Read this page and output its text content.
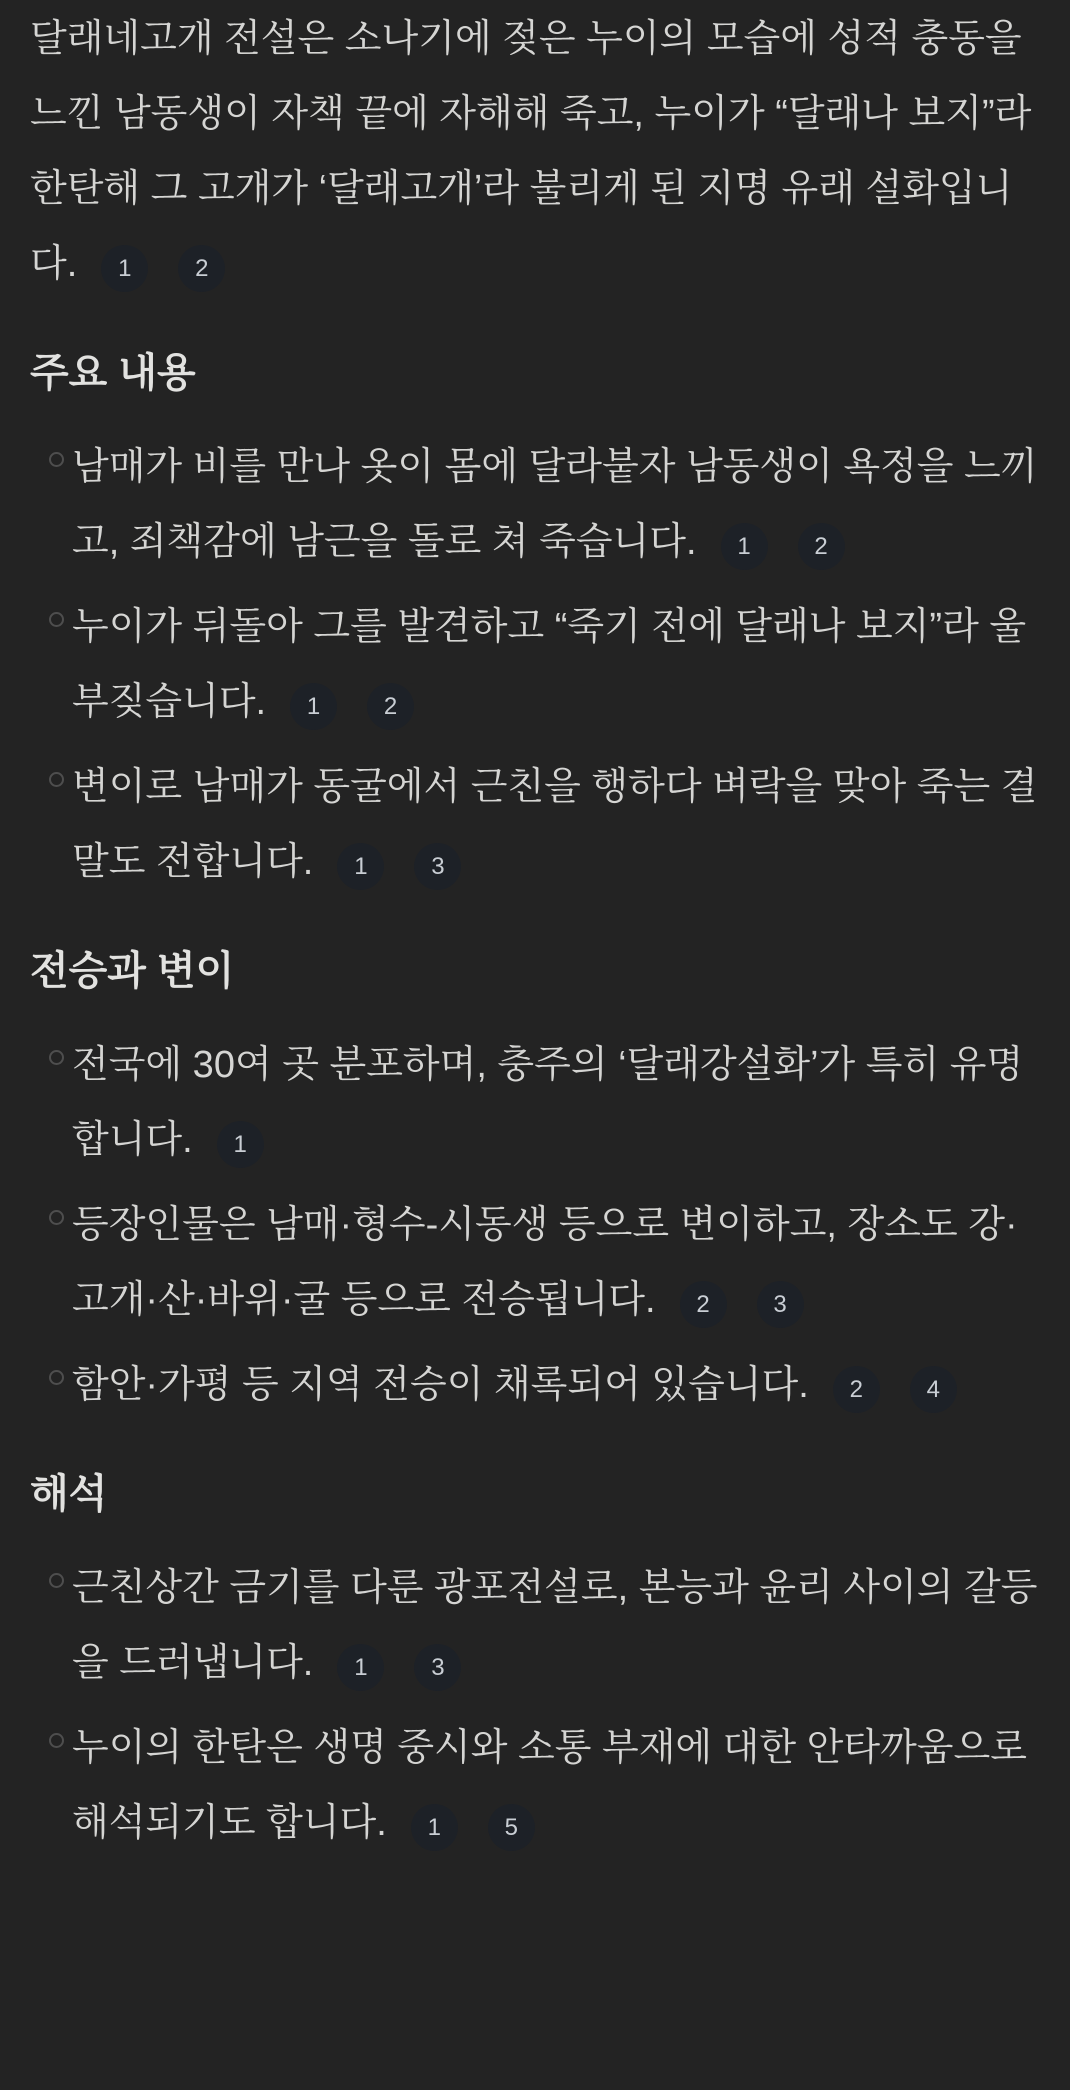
달래네고개 전설은 소나기에 젖은 누이의 모습에 성적 충동을 느낀 남동생이 자책 끝에 자해해 죽고, 누이가 “달래나 보지”라 한탄해 그 고개가 ‘달래고개’라 불리게 된 지명 유래 설화입니다. 1	2

주요 내용
남매가 비를 만나 옷이 몸에 달라붙자 남동생이 욕정을 느끼고, 죄책감에 남근을 돌로 쳐 죽습니다. 1	2
누이가 뒤돌아 그를 발견하고 “죽기 전에 달래나 보지”라 울부짖습니다. 1	2
변이로 남매가 동굴에서 근친을 행하다 벼락을 맞아 죽는 결말도 전합니다. 1	3
전승과 변이
전국에 30여 곳 분포하며, 충주의 ‘달래강설화’가 특히 유명합니다. 1
등장인물은 남매·형수-시동생 등으로 변이하고, 장소도 강·고개·산·바위·굴 등으로 전승됩니다. 2	3
함안·가평 등 지역 전승이 채록되어 있습니다. 2	4
해석
근친상간 금기를 다룬 광포전설로, 본능과 윤리 사이의 갈등을 드러냅니다. 1	3
누이의 한탄은 생명 중시와 소통 부재에 대한 안타까움으로 해석되기도 합니다. 1	5
